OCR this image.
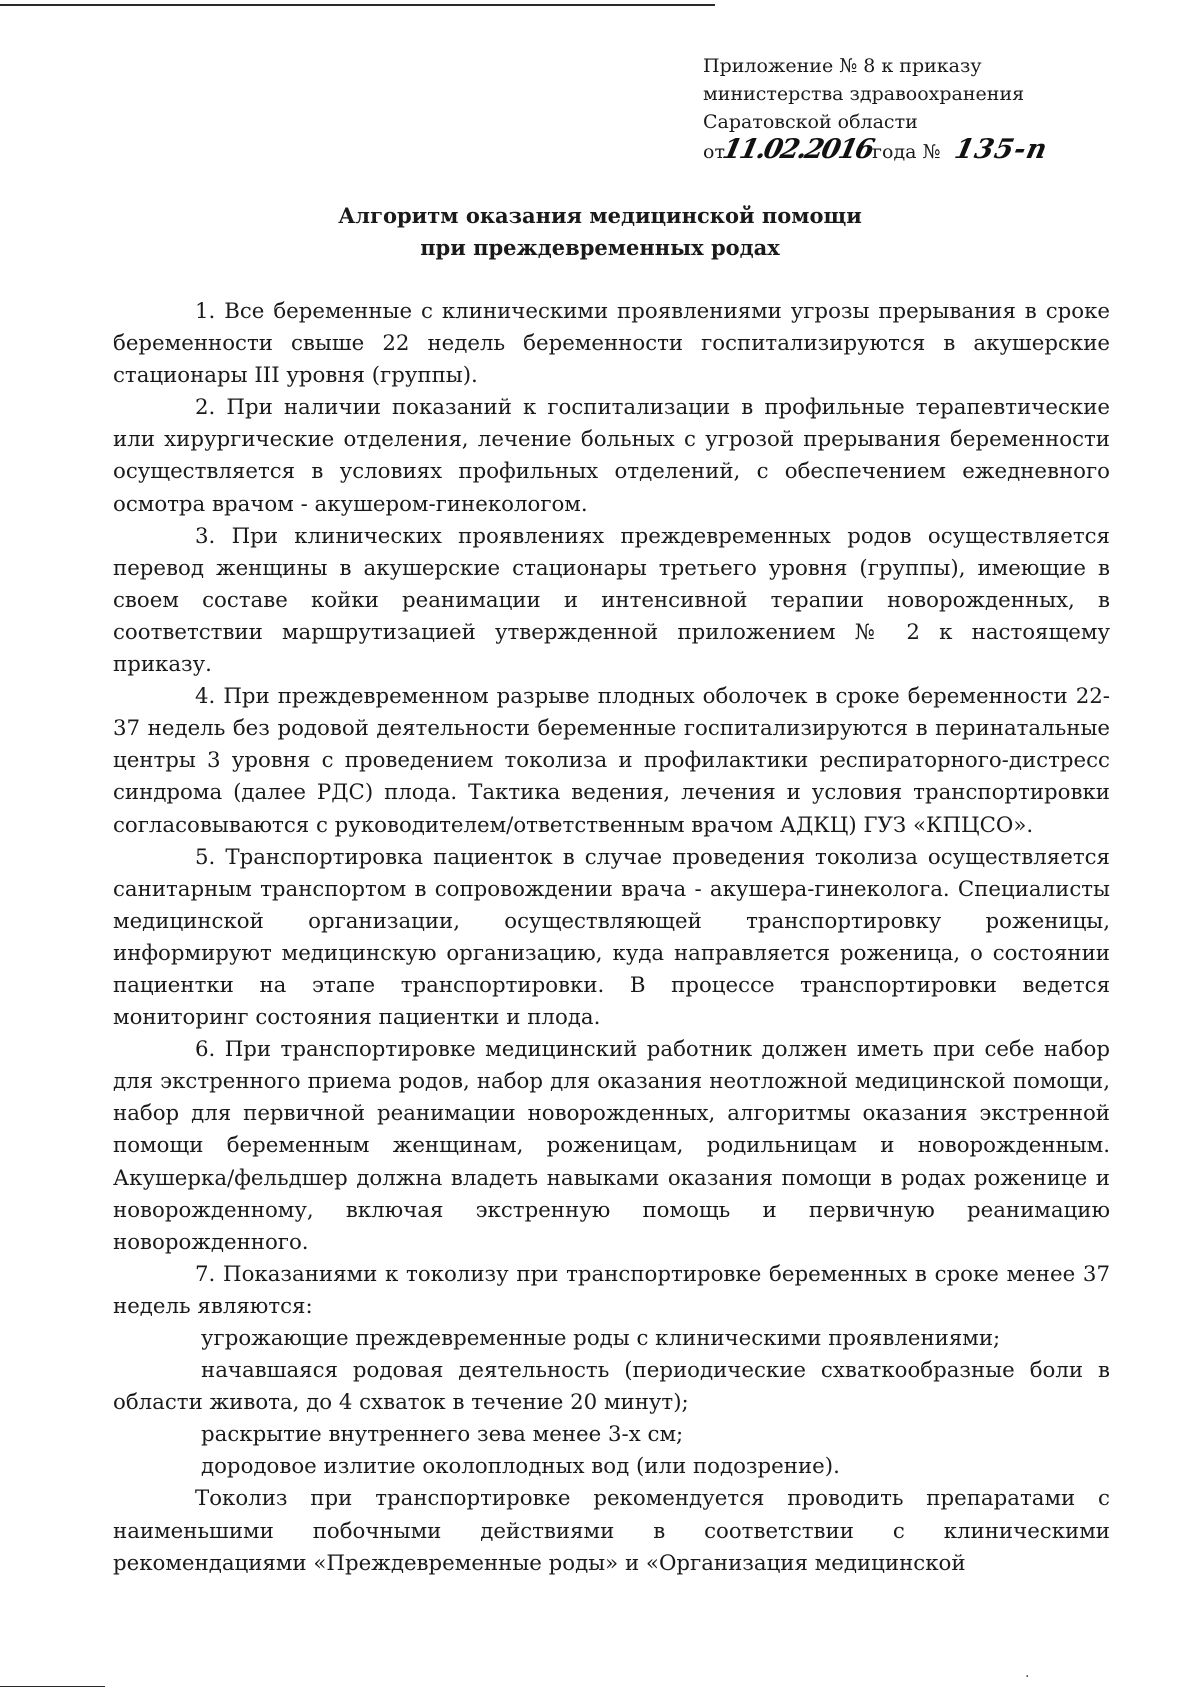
Приложение № 8 к приказу
министерства здравоохранения
Саратовской области
от11.02.2016года № 135-п
Алгоритм оказания медицинской помощи
при преждевременных родах

1. Все беременные с клиническими проявлениями угрозы прерывания в сроке беременности свыше 22 недель беременности госпитализируются в акушерские стационары III уровня (группы).

2. При наличии показаний к госпитализации в профильные терапевтические или хирургические отделения, лечение больных с угрозой прерывания беременности осуществляется в условиях профильных отделений, с обеспечением ежедневного осмотра врачом - акушером-гинекологом.

3. При клинических проявлениях преждевременных родов осуществляется перевод женщины в акушерские стационары третьего уровня (группы), имеющие в своем составе койки реанимации и интенсивной терапии новорожденных, в соответствии маршрутизацией утвержденной приложением № 2 к настоящему приказу.

4. При преждевременном разрыве плодных оболочек в сроке беременности 22-37 недель без родовой деятельности беременные госпитализируются в перинатальные центры 3 уровня с проведением токолиза и профилактики респираторного-дистресс синдрома (далее РДС) плода. Тактика ведения, лечения и условия транспортировки согласовываются с руководителем/ответственным врачом АДКЦ) ГУЗ «КПЦСО».

5. Транспортировка пациенток в случае проведения токолиза осуществляется санитарным транспортом в сопровождении врача - акушера-гинеколога. Специалисты медицинской организации, осуществляющей транспортировку роженицы, информируют медицинскую организацию, куда направляется роженица, о состоянии пациентки на этапе транспортировки. В процессе транспортировки ведется мониторинг состояния пациентки и плода.

6. При транспортировке медицинский работник должен иметь при себе набор для экстренного приема родов, набор для оказания неотложной медицинской помощи, набор для первичной реанимации новорожденных, алгоритмы оказания экстренной помощи беременным женщинам, роженицам, родильницам и новорожденным. Акушерка/фельдшер должна владеть навыками оказания помощи в родах роженице и новорожденному, включая экстренную помощь и первичную реанимацию новорожденного.

7. Показаниями к токолизу при транспортировке беременных в сроке менее 37 недель являются:

угрожающие преждевременные роды с клиническими проявлениями;

начавшаяся родовая деятельность (периодические схваткообразные боли в области живота, до 4 схваток в течение 20 минут);

раскрытие внутреннего зева менее 3-х см;

дородовое излитие околоплодных вод (или подозрение).

Токолиз при транспортировке рекомендуется проводить препаратами с наименьшими побочными действиями в соответствии с клиническими рекомендациями «Преждевременные роды» и «Организация медицинской

.
